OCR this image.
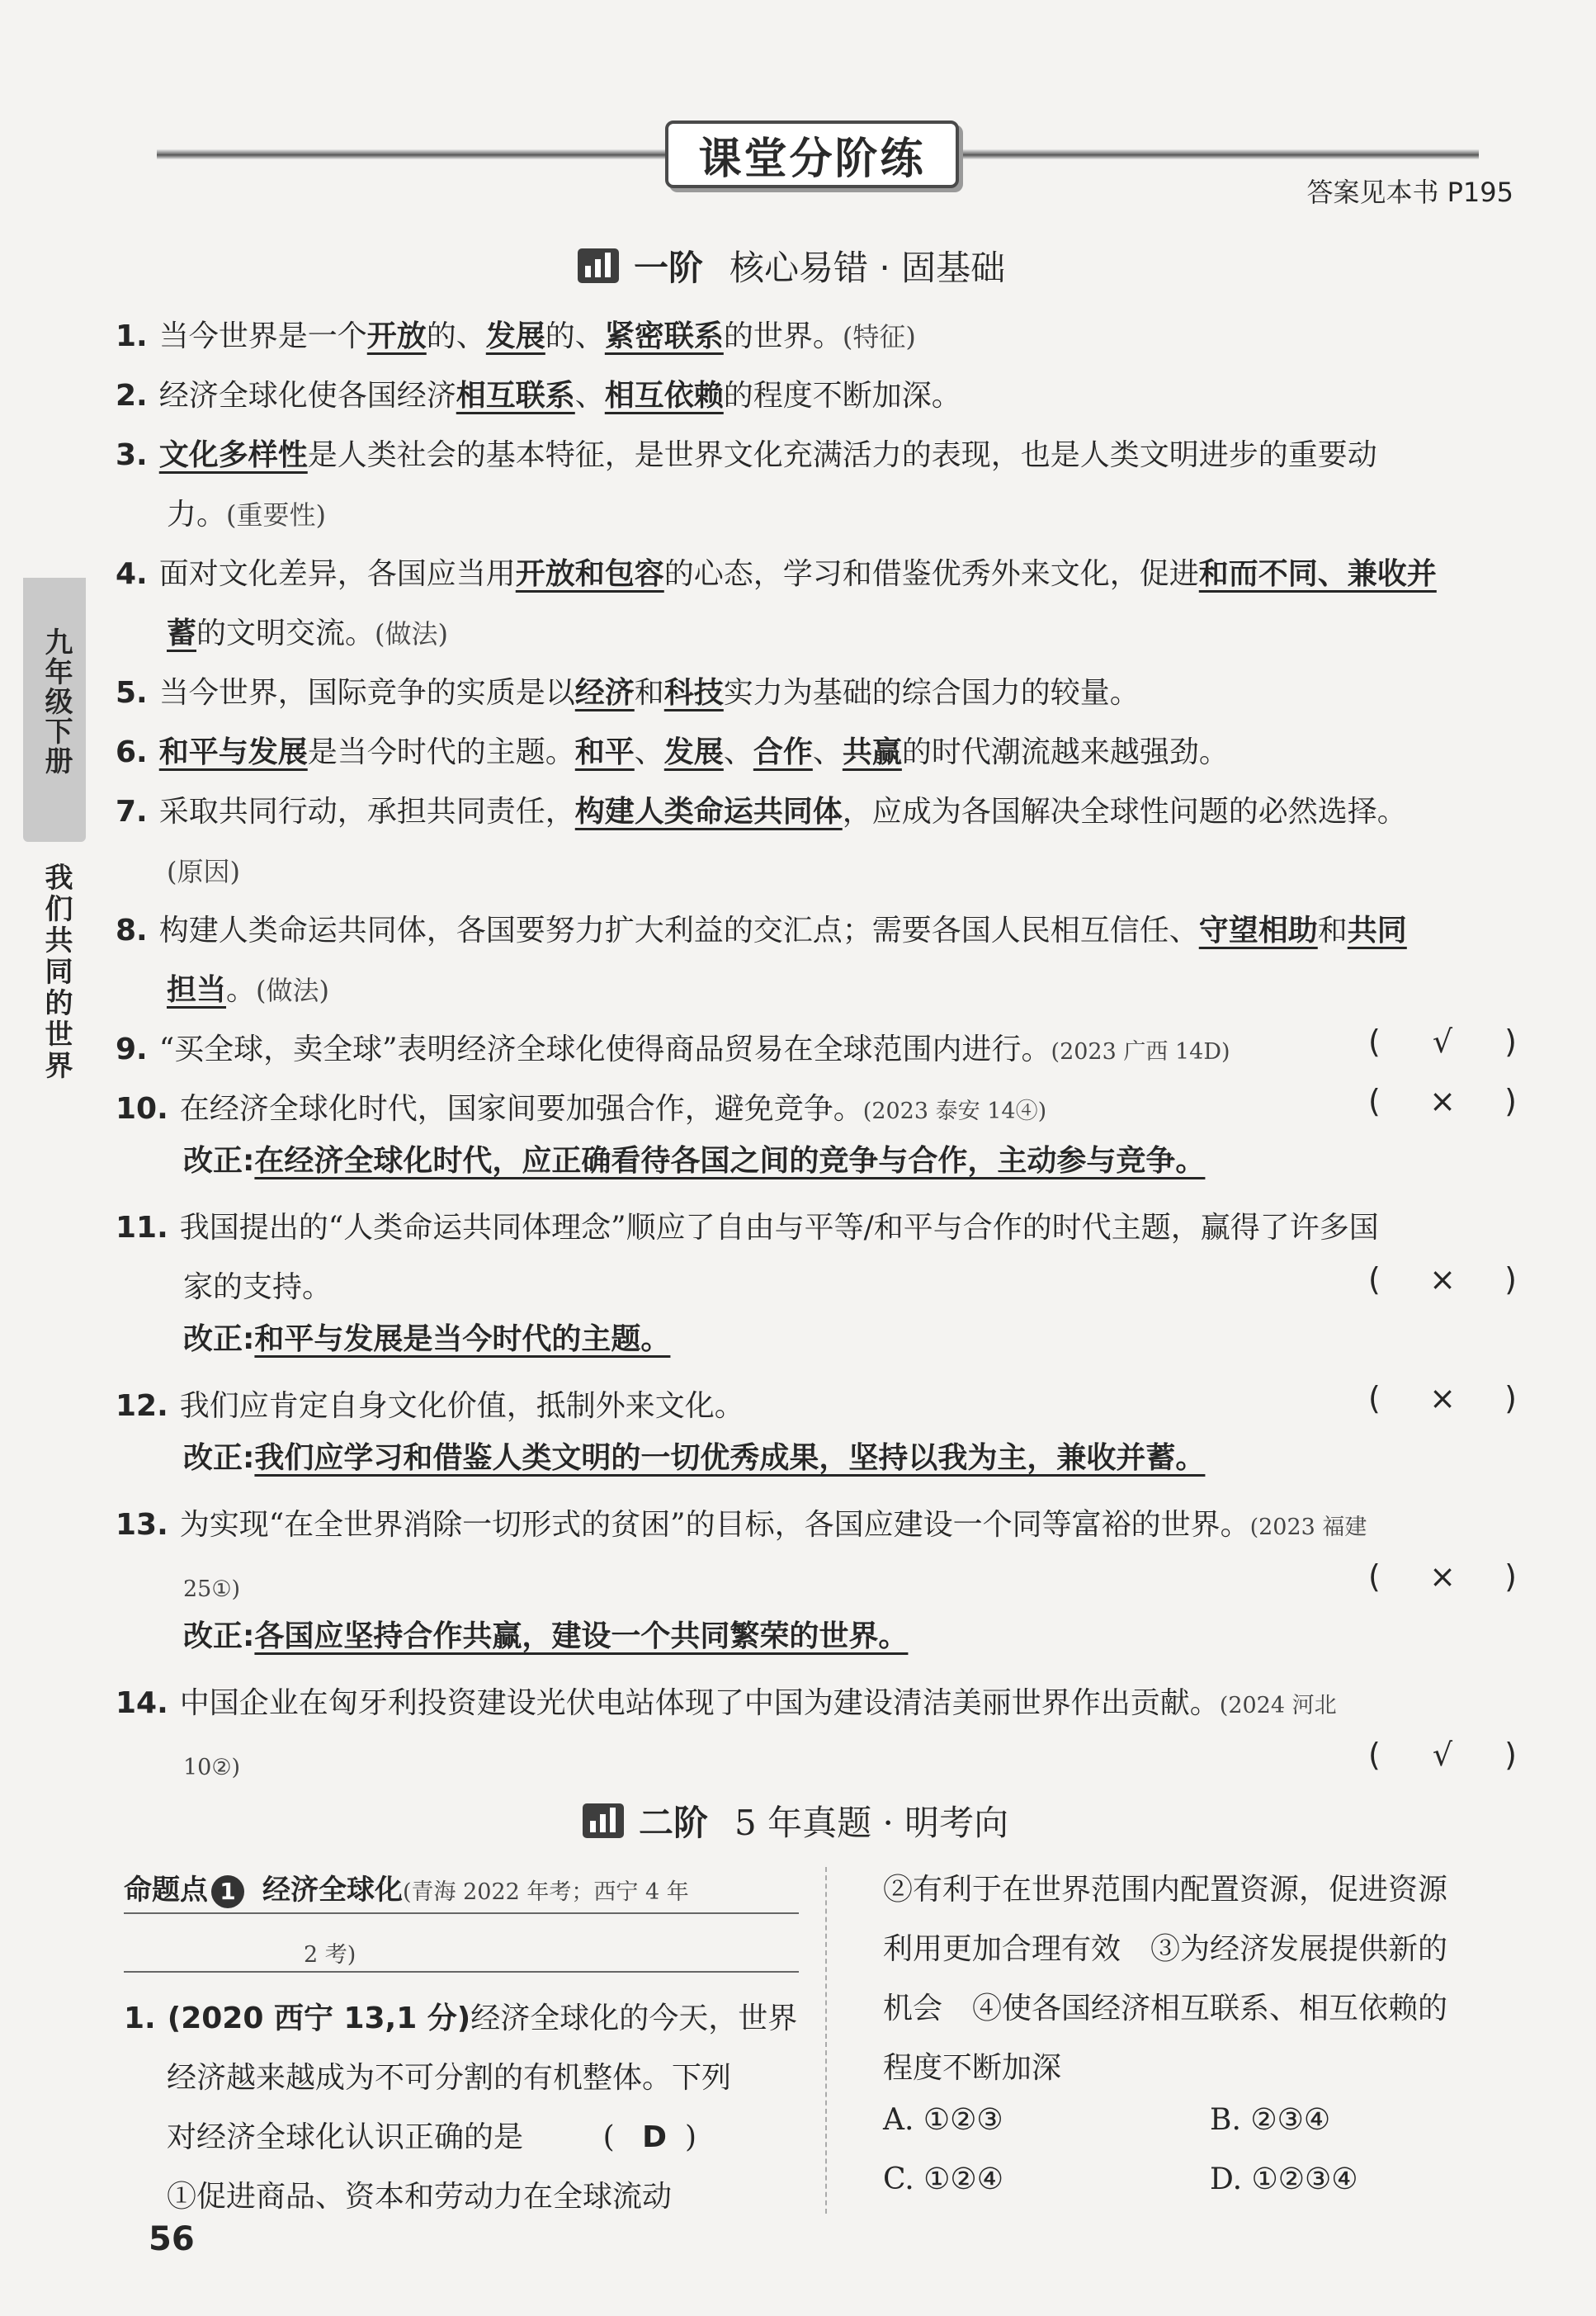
课堂分阶练
答案见本书 P195
九年级下册
我们共同的世界
一阶 核心易错 · 固基础
1. 当今世界是一个开放的、发展的、紧密联系的世界。(特征)
2. 经济全球化使各国经济相互联系、相互依赖的程度不断加深。
3. 文化多样性是人类社会的基本特征，是世界文化充满活力的表现，也是人类文明进步的重要动
力。(重要性)
4. 面对文化差异，各国应当用开放和包容的心态，学习和借鉴优秀外来文化，促进和而不同、兼收并
蓄的文明交流。(做法)
5. 当今世界，国际竞争的实质是以经济和科技实力为基础的综合国力的较量。
6. 和平与发展是当今时代的主题。和平、发展、合作、共赢的时代潮流越来越强劲。
7. 采取共同行动，承担共同责任，构建人类命运共同体，应成为各国解决全球性问题的必然选择。
(原因)
8. 构建人类命运共同体，各国要努力扩大利益的交汇点；需要各国人民相互信任、守望相助和共同
担当。(做法)
9. “买全球，卖全球”表明经济全球化使得商品贸易在全球范围内进行。(2023 广西 14D)	( √ )
10. 在经济全球化时代，国家间要加强合作，避免竞争。(2023 泰安 14④)	( × )
改正:在经济全球化时代，应正确看待各国之间的竞争与合作，主动参与竞争。
11. 我国提出的“人类命运共同体理念”顺应了自由与平等/和平与合作的时代主题，赢得了许多国
家的支持。	( × )
改正:和平与发展是当今时代的主题。
12. 我们应肯定自身文化价值，抵制外来文化。	( × )
改正:我们应学习和借鉴人类文明的一切优秀成果，坚持以我为主，兼收并蓄。
13. 为实现“在全世界消除一切形式的贫困”的目标，各国应建设一个同等富裕的世界。(2023 福建
25①)	( × )
改正:各国应坚持合作共赢，建设一个共同繁荣的世界。
14. 中国企业在匈牙利投资建设光伏电站体现了中国为建设清洁美丽世界作出贡献。(2024 河北
10②)	( √ )
二阶 5 年真题 · 明考向
命题点 1 经济全球化(青海 2022 年考；西宁 4 年
2 考)
1. (2020 西宁 13,1 分)经济全球化的今天，世界
经济越来越成为不可分割的有机整体。下列
对经济全球化认识正确的是	( D )
①促进商品、资本和劳动力在全球流动
②有利于在世界范围内配置资源，促进资源
利用更加合理有效　③为经济发展提供新的
机会　④使各国经济相互联系、相互依赖的
程度不断加深
A. ①②③	B. ②③④
C. ①②④	D. ①②③④
56
